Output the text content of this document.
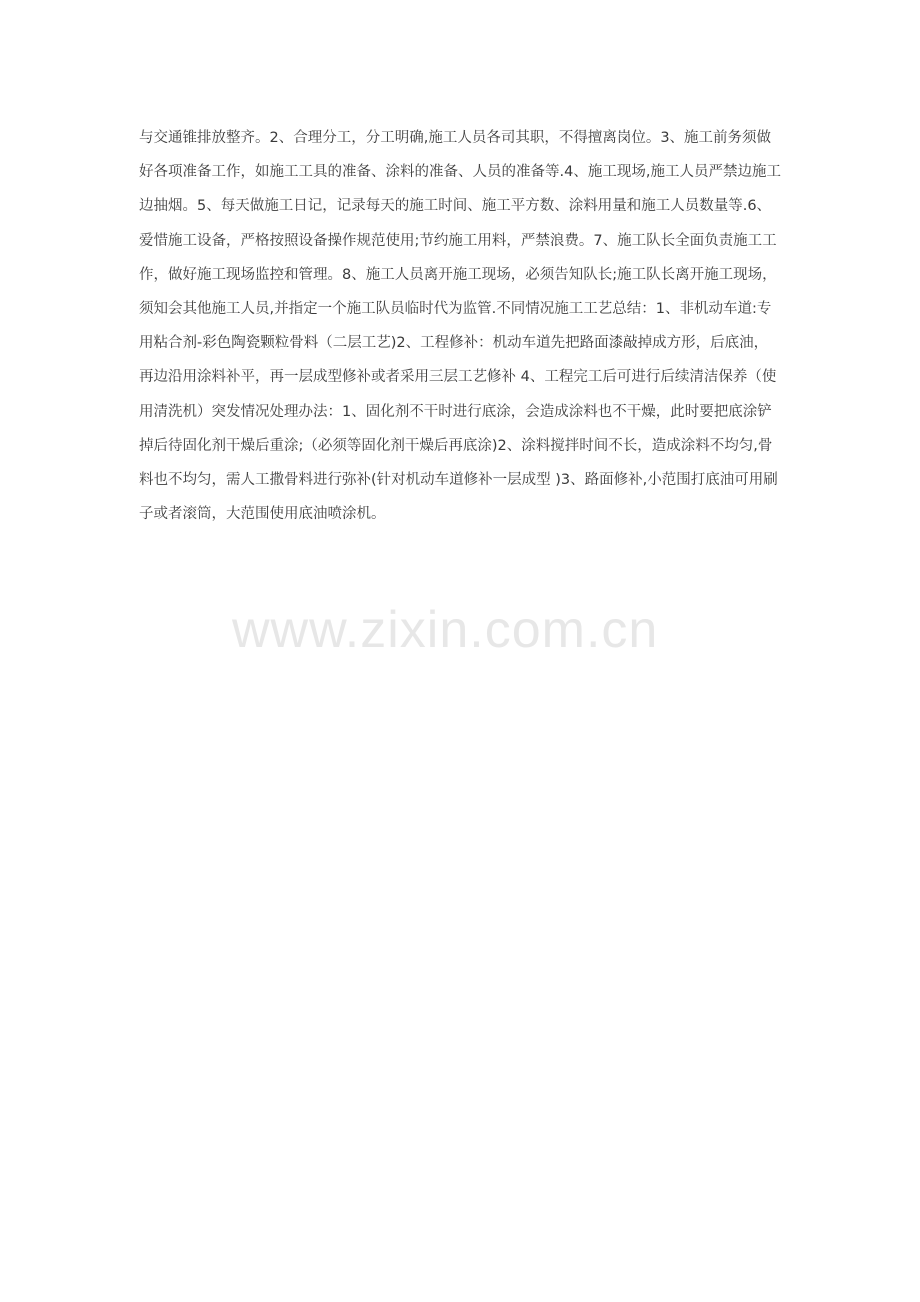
与交通锥排放整齐。2、合理分工，分工明确,施工人员各司其职，不得擅离岗位。3、施工前务须做
好各项准备工作，如施工工具的准备、涂料的准备、人员的准备等.4、施工现场,施工人员严禁边施工
边抽烟。5、每天做施工日记，记录每天的施工时间、施工平方数、涂料用量和施工人员数量等.6、
爱惜施工设备，严格按照设备操作规范使用;节约施工用料，严禁浪费。7、施工队长全面负责施工工
作，做好施工现场监控和管理。8、施工人员离开施工现场，必须告知队长;施工队长离开施工现场，
须知会其他施工人员,并指定一个施工队员临时代为监管.不同情况施工工艺总结：1、非机动车道:专
用粘合剂-彩色陶瓷颗粒骨料（二层工艺)2、工程修补：机动车道先把路面漆敲掉成方形，后底油，
再边沿用涂料补平，再一层成型修补或者采用三层工艺修补 4、工程完工后可进行后续清洁保养（使
用清洗机）突发情况处理办法：1、固化剂不干时进行底涂，会造成涂料也不干燥，此时要把底涂铲
掉后待固化剂干燥后重涂;（必须等固化剂干燥后再底涂)2、涂料搅拌时间不长，造成涂料不均匀,骨
料也不均匀，需人工撒骨料进行弥补(针对机动车道修补一层成型 )3、路面修补,小范围打底油可用刷
子或者滚筒，大范围使用底油喷涂机。
www.zixin.com.cn
